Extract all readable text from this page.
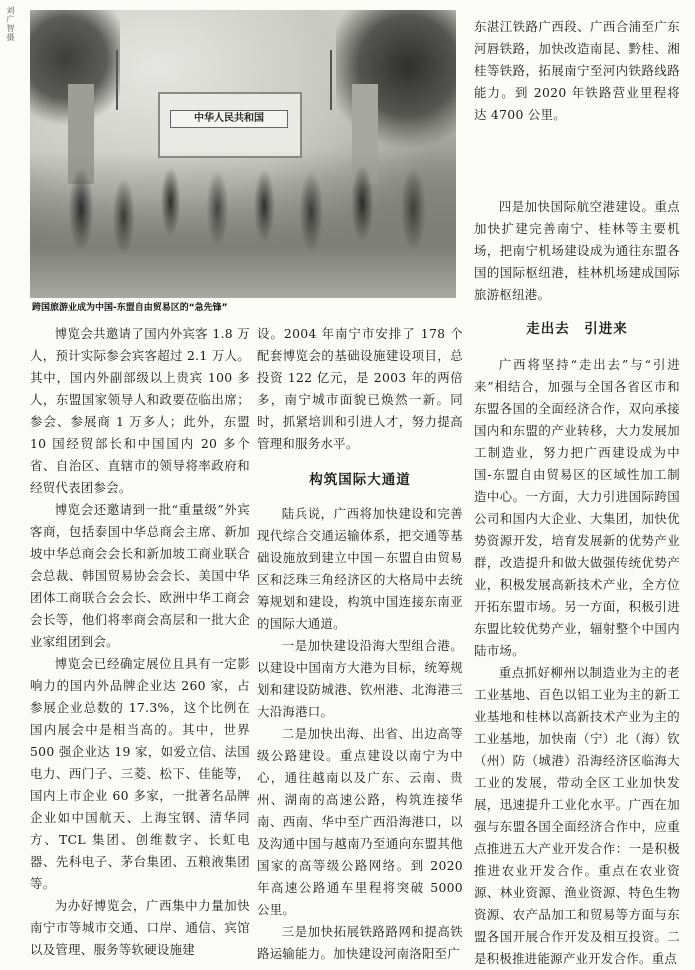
刘广智摄
中华人民共和国
跨国旅游业成为中国-东盟自由贸易区的“急先锋”

博览会共邀请了国内外宾客 1.8 万人，预计实际参会宾客超过 2.1 万人。其中，国内外副部级以上贵宾 100 多人，东盟国家领导人和政要莅临出席；参会、参展商 1 万多人；此外，东盟 10 国经贸部长和中国国内 20 多个省、自治区、直辖市的领导将率政府和经贸代表团参会。

博览会还邀请到一批“重量级”外宾客商，包括泰国中华总商会主席、新加坡中华总商会会长和新加坡工商业联合会总裁、韩国贸易协会会长、美国中华团体工商联合会会长、欧洲中华工商会会长等，他们将率商会高层和一批大企业家组团到会。

博览会已经确定展位且具有一定影响力的国内外品牌企业达 260 家，占参展企业总数的 17.3%，这个比例在国内展会中是相当高的。其中，世界 500 强企业达 19 家，如爱立信、法国电力、西门子、三菱、松下、佳能等，国内上市企业 60 多家，一批著名品牌企业如中国航天、上海宝钢、清华同方、TCL 集团、创维数字、长虹电器、先科电子、茅台集团、五粮液集团等。

为办好博览会，广西集中力量加快南宁市等城市交通、口岸、通信、宾馆以及管理、服务等软硬设施建

设。2004 年南宁市安排了 178 个配套博览会的基础设施建设项目，总投资 122 亿元，是 2003 年的两倍多，南宁城市面貌已焕然一新。同时，抓紧培训和引进人才，努力提高管理和服务水平。

构筑国际大通道

陆兵说，广西将加快建设和完善现代综合交通运输体系，把交通等基础设施放到建立中国－东盟自由贸易区和泛珠三角经济区的大格局中去统筹规划和建设，构筑中国连接东南亚的国际大通道。

一是加快建设沿海大型组合港。以建设中国南方大港为目标，统筹规划和建设防城港、钦州港、北海港三大沿海港口。

二是加快出海、出省、出边高等级公路建设。重点建设以南宁为中心，通往越南以及广东、云南、贵州、湖南的高速公路，构筑连接华南、西南、华中至广西沿海港口，以及沟通中国与越南乃至通向东盟其他国家的高等级公路网络。到 2020 年高速公路通车里程将突破 5000 公里。

三是加快拓展铁路路网和提高铁路运输能力。加快建设河南洛阳至广

东湛江铁路广西段、广西合浦至广东河唇铁路，加快改造南昆、黔桂、湘桂等铁路，拓展南宁至河内铁路线路能力。到 2020 年铁路营业里程将达 4700 公里。

四是加快国际航空港建设。重点加快扩建完善南宁、桂林等主要机场，把南宁机场建设成为通往东盟各国的国际枢纽港，桂林机场建成国际旅游枢纽港。

走出去　引进来

广西将坚持“走出去”与“引进来”相结合，加强与全国各省区市和东盟各国的全面经济合作，双向承接国内和东盟的产业转移，大力发展加工制造业，努力把广西建设成为中国-东盟自由贸易区的区域性加工制造中心。一方面，大力引进国际跨国公司和国内大企业、大集团，加快优势资源开发，培育发展新的优势产业群，改造提升和做大做强传统优势产业，积极发展高新技术产业，全方位开拓东盟市场。另一方面，积极引进东盟比较优势产业，辐射整个中国内陆市场。

重点抓好柳州以制造业为主的老工业基地、百色以铝工业为主的新工业基地和桂林以高新技术产业为主的工业基地，加快南（宁）北（海）钦（州）防（城港）沿海经济区临海大工业的发展，带动全区工业加快发展，迅速提升工业化水平。广西在加强与东盟各国全面经济合作中，应重点推进五大产业开发合作：一是积极推进农业开发合作。重点在农业资源、林业资源、渔业资源、特色生物资源、农产品加工和贸易等方面与东盟各国开展合作开发及相互投资。二是积极推进能源产业开发合作。重点
